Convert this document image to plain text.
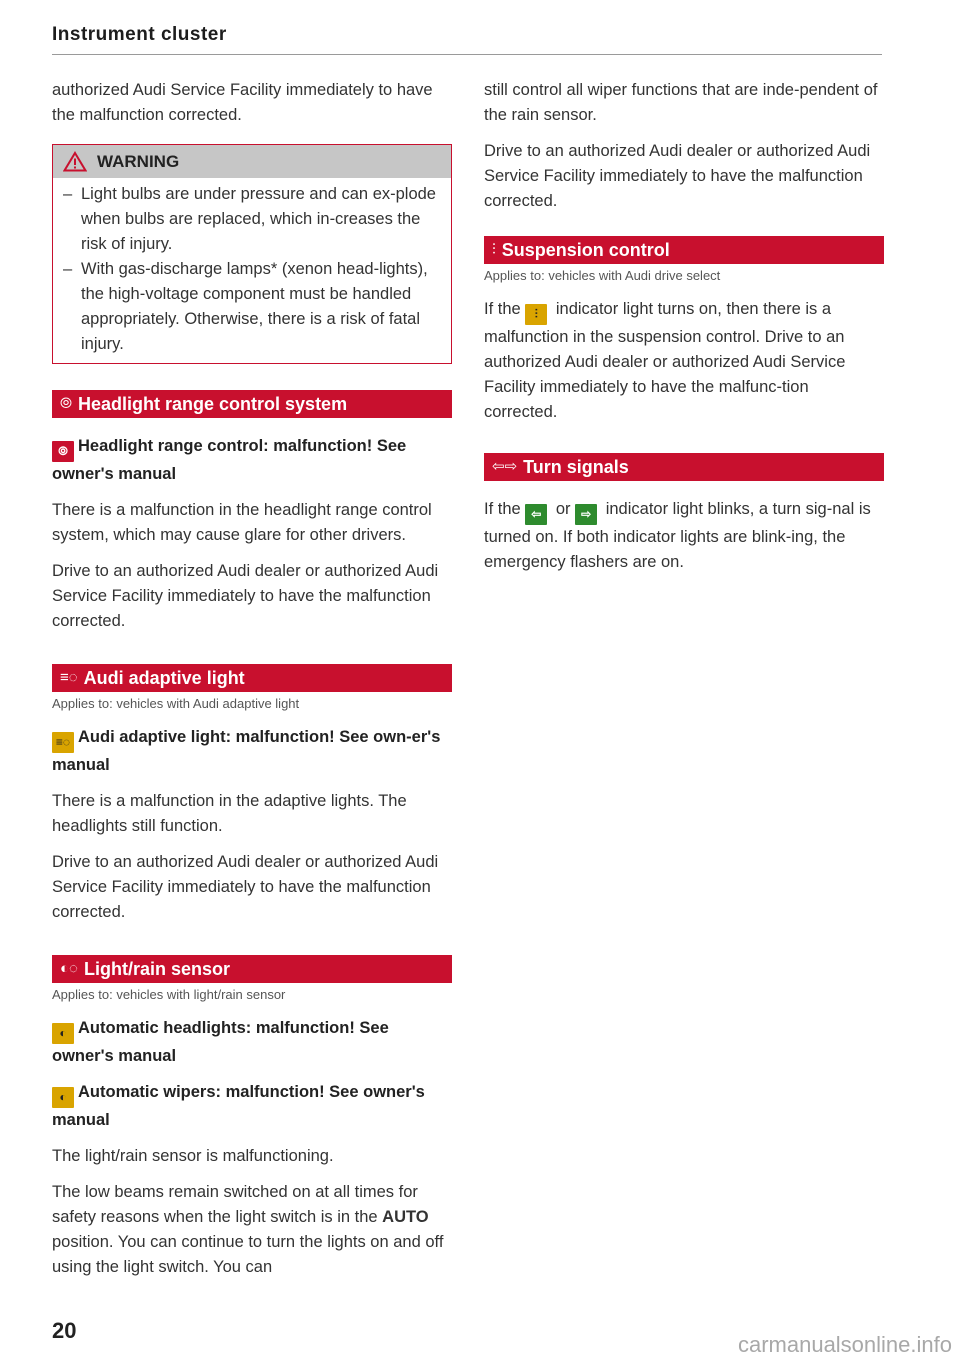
Instrument cluster

authorized Audi Service Facility immediately to have the malfunction corrected.

WARNING
– Light bulbs are under pressure and can ex-plode when bulbs are replaced, which in-creases the risk of injury.
– With gas-discharge lamps* (xenon head-lights), the high-voltage component must be handled appropriately. Otherwise, there is a risk of fatal injury.
⦾ Headlight range control system
⦾ Headlight range control: malfunction! See owner's manual

There is a malfunction in the headlight range control system, which may cause glare for other drivers.

Drive to an authorized Audi dealer or authorized Audi Service Facility immediately to have the malfunction corrected.

≡◌ Audi adaptive light
Applies to: vehicles with Audi adaptive light
≡◌ Audi adaptive light: malfunction! See own-er's manual

There is a malfunction in the adaptive lights. The headlights still function.

Drive to an authorized Audi dealer or authorized Audi Service Facility immediately to have the malfunction corrected.

◐◌ Light/rain sensor
Applies to: vehicles with light/rain sensor
◐ Automatic headlights: malfunction! See owner's manual
◐ Automatic wipers: malfunction! See owner's manual

The light/rain sensor is malfunctioning.

The low beams remain switched on at all times for safety reasons when the light switch is in the AUTO position. You can continue to turn the lights on and off using the light switch. You can

still control all wiper functions that are inde-pendent of the rain sensor.

Drive to an authorized Audi dealer or authorized Audi Service Facility immediately to have the malfunction corrected.

⫶ Suspension control
Applies to: vehicles with Audi drive select

If the ⫶ indicator light turns on, then there is a malfunction in the suspension control. Drive to an authorized Audi dealer or authorized Audi Service Facility immediately to have the malfunc-tion corrected.

⇦⇨ Turn signals

If the ⇦ or ⇨ indicator light blinks, a turn sig-nal is turned on. If both indicator lights are blink-ing, the emergency flashers are on.

20
carmanualsonline.info
